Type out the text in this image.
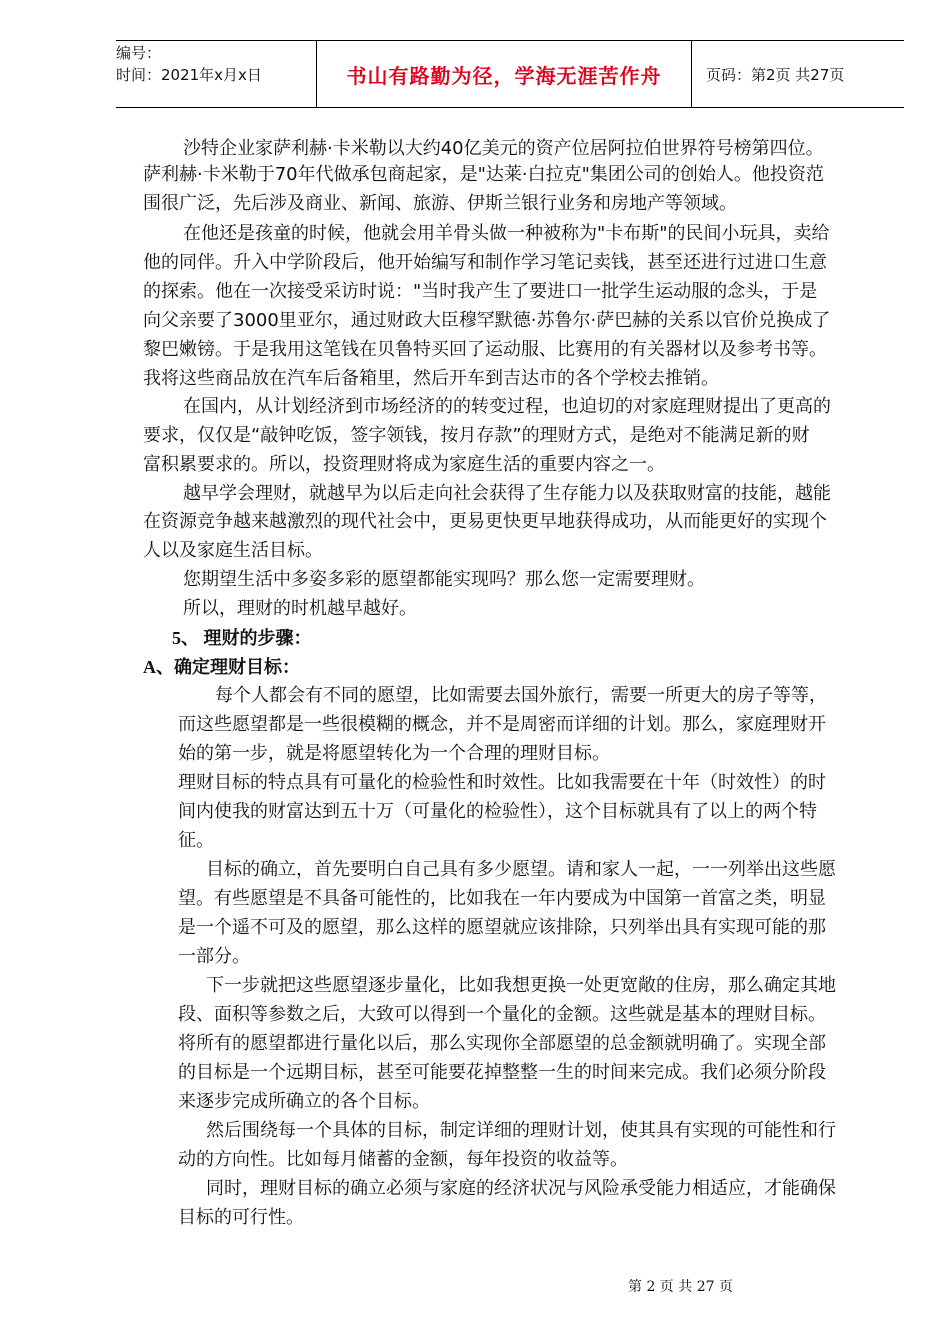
编号：
时间：2021年x月x日	书山有路勤为径，学海无涯苦作舟	页码：第2页 共27页
沙特企业家萨利赫·卡米勒以大约40亿美元的资产位居阿拉伯世界符号榜第四位。
萨利赫·卡米勒于70年代做承包商起家，是"达莱·白拉克"集团公司的创始人。他投资范
围很广泛，先后涉及商业、新闻、旅游、伊斯兰银行业务和房地产等领域。
在他还是孩童的时候，他就会用羊骨头做一种被称为"卡布斯"的民间小玩具，卖给
他的同伴。升入中学阶段后，他开始编写和制作学习笔记卖钱，甚至还进行过进口生意
的探索。他在一次接受采访时说："当时我产生了要进口一批学生运动服的念头，于是
向父亲要了3000里亚尔，通过财政大臣穆罕默德·苏鲁尔·萨巴赫的关系以官价兑换成了
黎巴嫩镑。于是我用这笔钱在贝鲁特买回了运动服、比赛用的有关器材以及参考书等。
我将这些商品放在汽车后备箱里，然后开车到吉达市的各个学校去推销。
在国内，从计划经济到市场经济的的转变过程，也迫切的对家庭理财提出了更高的
要求，仅仅是“敲钟吃饭，签字领钱，按月存款”的理财方式，是绝对不能满足新的财
富积累要求的。所以，投资理财将成为家庭生活的重要内容之一。
越早学会理财，就越早为以后走向社会获得了生存能力以及获取财富的技能，越能
在资源竞争越来越激烈的现代社会中，更易更快更早地获得成功，从而能更好的实现个
人以及家庭生活目标。
您期望生活中多姿多彩的愿望都能实现吗？那么您一定需要理财。
所以，理财的时机越早越好。
5、 理财的步骤：
A、确定理财目标：
每个人都会有不同的愿望，比如需要去国外旅行，需要一所更大的房子等等，
而这些愿望都是一些很模糊的概念，并不是周密而详细的计划。那么，家庭理财开
始的第一步，就是将愿望转化为一个合理的理财目标。
理财目标的特点具有可量化的检验性和时效性。比如我需要在十年（时效性）的时
间内使我的财富达到五十万（可量化的检验性），这个目标就具有了以上的两个特
征。
目标的确立，首先要明白自己具有多少愿望。请和家人一起，一一列举出这些愿
望。有些愿望是不具备可能性的，比如我在一年内要成为中国第一首富之类，明显
是一个遥不可及的愿望，那么这样的愿望就应该排除，只列举出具有实现可能的那
一部分。
下一步就把这些愿望逐步量化，比如我想更换一处更宽敞的住房，那么确定其地
段、面积等参数之后，大致可以得到一个量化的金额。这些就是基本的理财目标。
将所有的愿望都进行量化以后，那么实现你全部愿望的总金额就明确了。实现全部
的目标是一个远期目标，甚至可能要花掉整整一生的时间来完成。我们必须分阶段
来逐步完成所确立的各个目标。
然后围绕每一个具体的目标，制定详细的理财计划，使其具有实现的可能性和行
动的方向性。比如每月储蓄的金额，每年投资的收益等。
同时，理财目标的确立必须与家庭的经济状况与风险承受能力相适应，才能确保
目标的可行性。
第 2 页 共 27 页
